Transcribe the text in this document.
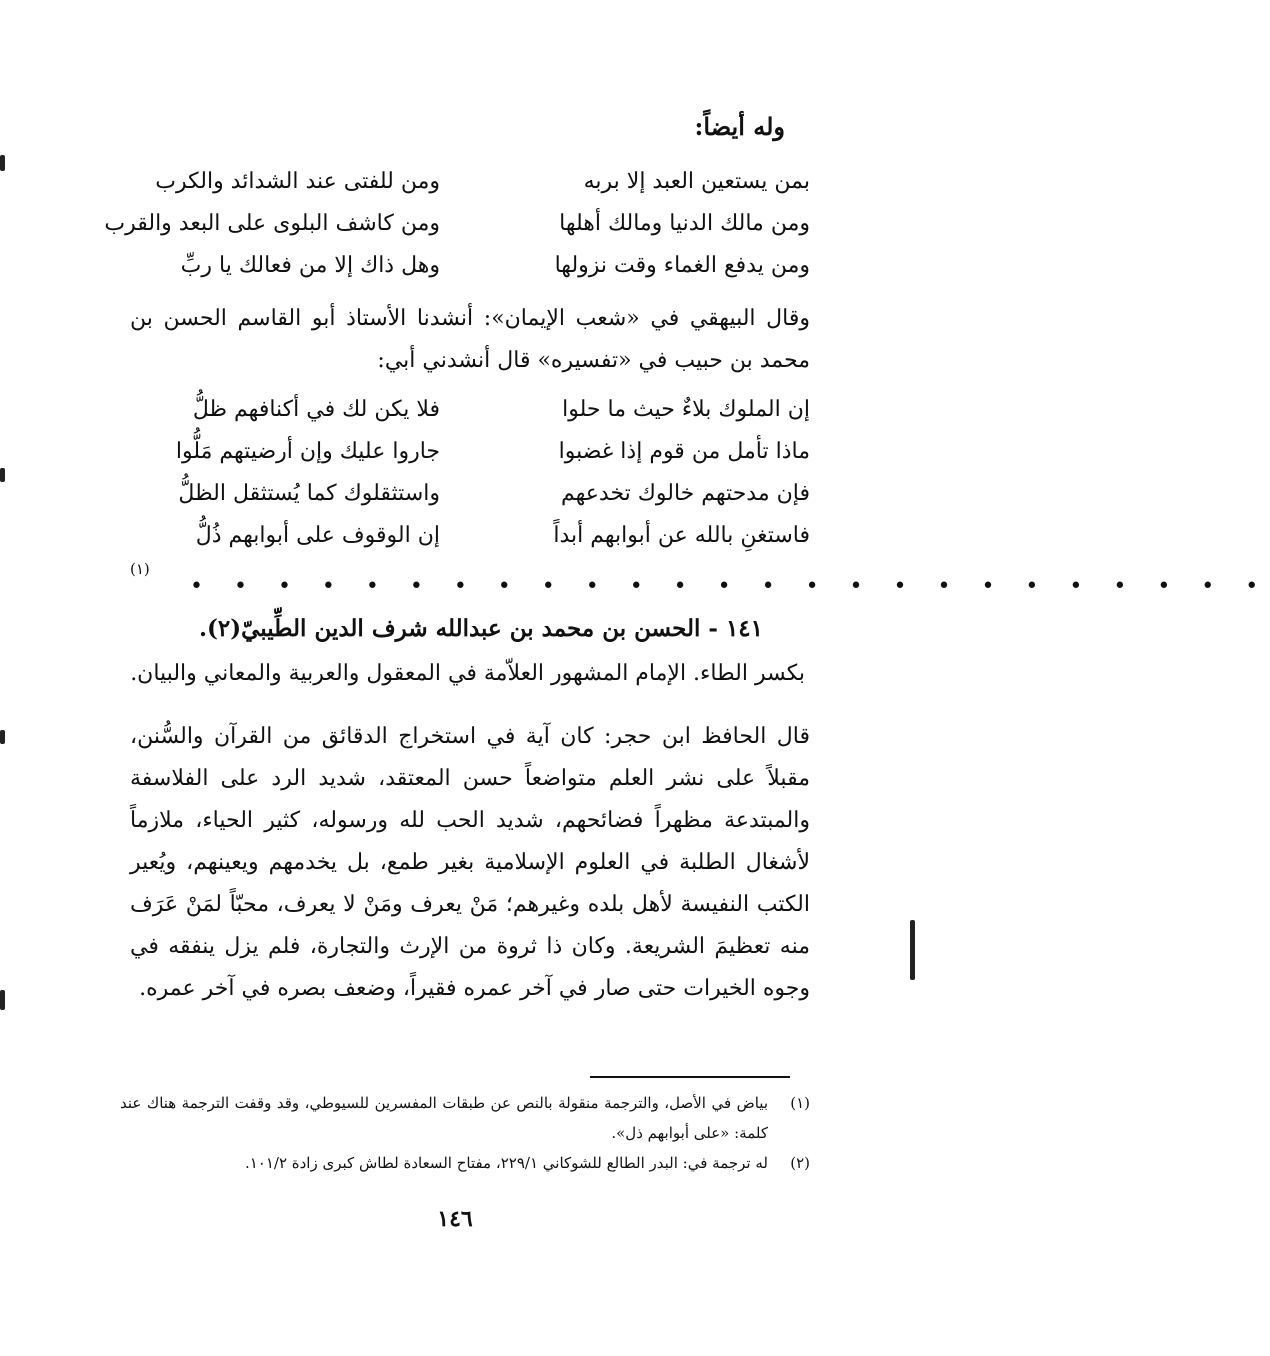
وله أيضاً:
بمن يستعين العبد إلا بربه
ومن للفتى عند الشدائد والكرب
ومن مالك الدنيا ومالك أهلها
ومن كاشف البلوى على البعد والقرب
ومن يدفع الغماء وقت نزولها
وهل ذاك إلا من فعالك يا ربِّ
وقال البيهقي في «شعب الإيمان»: أنشدنا الأستاذ أبو القاسم الحسن بن محمد بن حبيب في «تفسيره» قال أنشدني أبي:
إن الملوك بلاءٌ حيث ما حلوا
فلا يكن لك في أكنافهم ظلُّ
ماذا تأمل من قوم إذا غضبوا
جاروا عليك وإن أرضيتهم مَلُّوا
فإن مدحتهم خالوك تخدعهم
واستثقلوك كما يُستثقل الظلُّ
فاستغنِ بالله عن أبوابهم أبداً
إن الوقوف على أبوابهم ذُلُّ
(١)
• • • • • • • • • • • • • • • • • • • • • • • • •
١٤١ - الحسن بن محمد بن عبدالله شرف الدين الطِّيبيّ(٢).
بكسر الطاء. الإمام المشهور العلاّمة في المعقول والعربية والمعاني والبيان.
قال الحافظ ابن حجر: كان آية في استخراج الدقائق من القرآن والسُّنن، مقبلاً على نشر العلم متواضعاً حسن المعتقد، شديد الرد على الفلاسفة والمبتدعة مظهراً فضائحهم، شديد الحب لله ورسوله، كثير الحياء، ملازماً لأشغال الطلبة في العلوم الإسلامية بغير طمع، بل يخدمهم ويعينهم، ويُعير الكتب النفيسة لأهل بلده وغيرهم؛ مَنْ يعرف ومَنْ لا يعرف، محبّاً لمَنْ عَرَف منه تعظيمَ الشريعة. وكان ذا ثروة من الإرث والتجارة، فلم يزل ينفقه في وجوه الخيرات حتى صار في آخر عمره فقيراً، وضعف بصره في آخر عمره.
(١)
بياض في الأصل، والترجمة منقولة بالنص عن طبقات المفسرين للسيوطي، وقد وقفت الترجمة هناك عند كلمة: «على أبوابهم ذل».
(٢)
له ترجمة في: البدر الطالع للشوكاني ٢٢٩/١، مفتاح السعادة لطاش كبرى زادة ١٠١/٢.
١٤٦
